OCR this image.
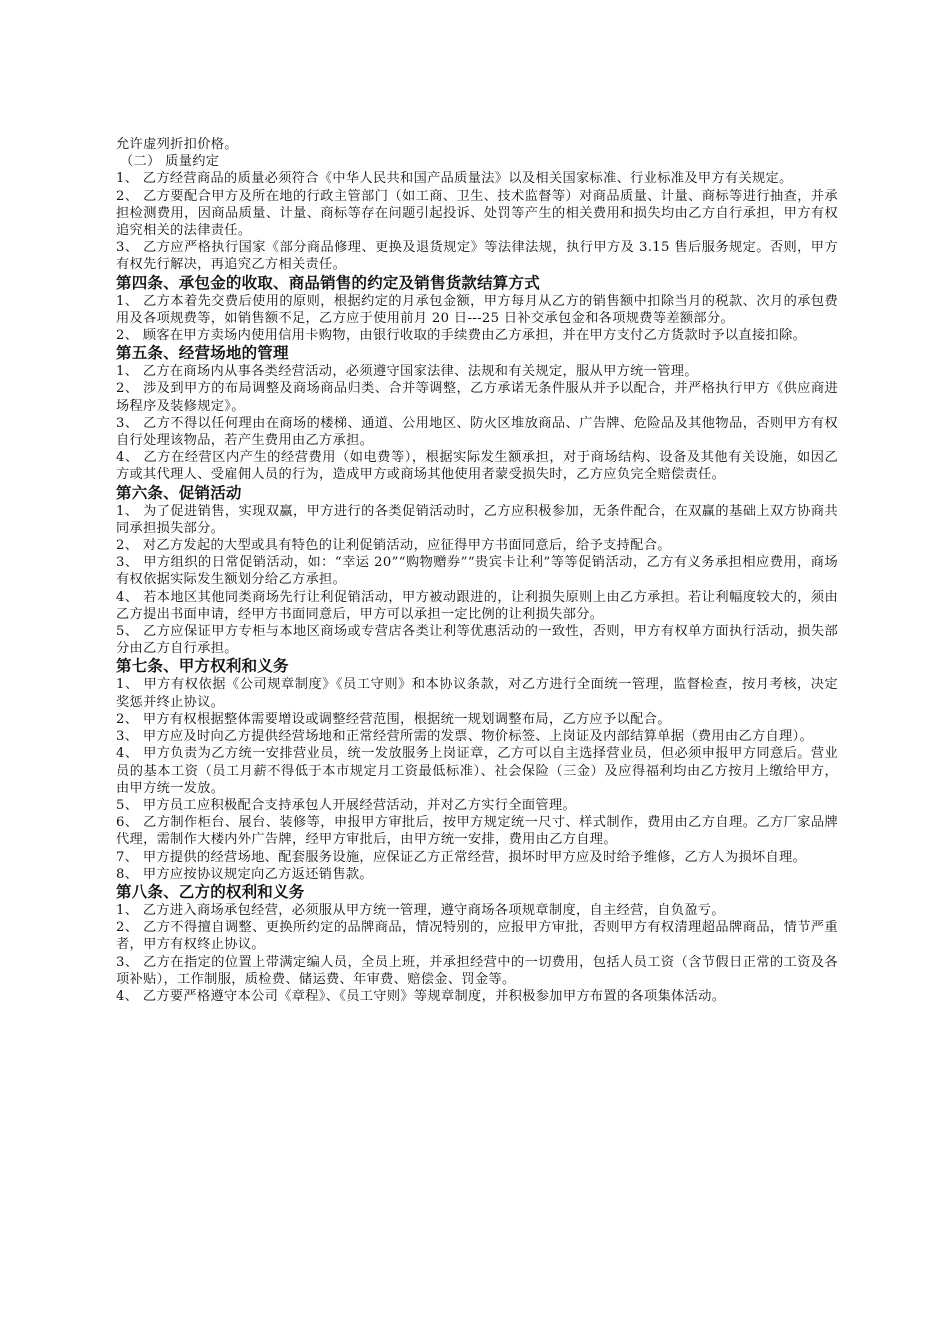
允许虚列折扣价格。

（二） 质量约定

1、 乙方经营商品的质量必须符合《中华人民共和国产品质量法》以及相关国家标准、行业标准及甲方有关规定。

2、 乙方要配合甲方及所在地的行政主管部门（如工商、卫生、技术监督等）对商品质量、计量、商标等进行抽查，并承担检测费用，因商品质量、计量、商标等存在问题引起投诉、处罚等产生的相关费用和损失均由乙方自行承担，甲方有权追究相关的法律责任。

3、 乙方应严格执行国家《部分商品修理、更换及退货规定》等法律法规，执行甲方及 3.15 售后服务规定。否则，甲方有权先行解决，再追究乙方相关责任。

第四条、承包金的收取、商品销售的约定及销售货款结算方式

1、 乙方本着先交费后使用的原则，根据约定的月承包金额，甲方每月从乙方的销售额中扣除当月的税款、次月的承包费用及各项规费等，如销售额不足，乙方应于使用前月 20 日---25 日补交承包金和各项规费等差额部分。

2、 顾客在甲方卖场内使用信用卡购物，由银行收取的手续费由乙方承担，并在甲方支付乙方货款时予以直接扣除。

第五条、经营场地的管理

1、 乙方在商场内从事各类经营活动，必须遵守国家法律、法规和有关规定，服从甲方统一管理。

2、 涉及到甲方的布局调整及商场商品归类、合并等调整，乙方承诺无条件服从并予以配合，并严格执行甲方《供应商进场程序及装修规定》。

3、 乙方不得以任何理由在商场的楼梯、通道、公用地区、防火区堆放商品、广告牌、危险品及其他物品，否则甲方有权自行处理该物品，若产生费用由乙方承担。

4、 乙方在经营区内产生的经营费用（如电费等），根据实际发生额承担，对于商场结构、设备及其他有关设施，如因乙方或其代理人、受雇佣人员的行为，造成甲方或商场其他使用者蒙受损失时，乙方应负完全赔偿责任。

第六条、促销活动

1、 为了促进销售，实现双赢，甲方进行的各类促销活动时，乙方应积极参加，无条件配合，在双赢的基础上双方协商共同承担损失部分。

2、 对乙方发起的大型或具有特色的让利促销活动，应征得甲方书面同意后，给予支持配合。

3、 甲方组织的日常促销活动，如：“幸运 20”“购物赠券”“贵宾卡让利”等等促销活动，乙方有义务承担相应费用，商场有权依据实际发生额划分给乙方承担。

4、 若本地区其他同类商场先行让利促销活动，甲方被动跟进的，让利损失原则上由乙方承担。若让利幅度较大的，须由乙方提出书面申请，经甲方书面同意后，甲方可以承担一定比例的让利损失部分。

5、 乙方应保证甲方专柜与本地区商场或专营店各类让利等优惠活动的一致性，否则，甲方有权单方面执行活动，损失部分由乙方自行承担。

第七条、甲方权利和义务

1、 甲方有权依据《公司规章制度》《员工守则》和本协议条款，对乙方进行全面统一管理，监督检查，按月考核，决定奖惩并终止协议。

2、 甲方有权根据整体需要增设或调整经营范围，根据统一规划调整布局，乙方应予以配合。

3、 甲方应及时向乙方提供经营场地和正常经营所需的发票、物价标签、上岗证及内部结算单据（费用由乙方自理）。

4、 甲方负责为乙方统一安排营业员，统一发放服务上岗证章，乙方可以自主选择营业员，但必须申报甲方同意后。营业员的基本工资（员工月薪不得低于本市规定月工资最低标准）、社会保险（三金）及应得福利均由乙方按月上缴给甲方，由甲方统一发放。

5、 甲方员工应积极配合支持承包人开展经营活动，并对乙方实行全面管理。

6、 乙方制作柜台、展台、装修等，申报甲方审批后，按甲方规定统一尺寸、样式制作，费用由乙方自理。乙方厂家品牌代理，需制作大楼内外广告牌，经甲方审批后，由甲方统一安排，费用由乙方自理。

7、 甲方提供的经营场地、配套服务设施，应保证乙方正常经营，损坏时甲方应及时给予维修，乙方人为损坏自理。

8、 甲方应按协议规定向乙方返还销售款。

第八条、乙方的权利和义务

1、 乙方进入商场承包经营，必须服从甲方统一管理，遵守商场各项规章制度，自主经营，自负盈亏。

2、 乙方不得擅自调整、更换所约定的品牌商品，情况特别的，应报甲方审批，否则甲方有权清理超品牌商品，情节严重者，甲方有权终止协议。

3、 乙方在指定的位置上带满定编人员，全员上班，并承担经营中的一切费用，包括人员工资（含节假日正常的工资及各项补贴），工作制服，质检费、储运费、年审费、赔偿金、罚金等。

4、 乙方要严格遵守本公司《章程》、《员工守则》等规章制度，并积极参加甲方布置的各项集体活动。
